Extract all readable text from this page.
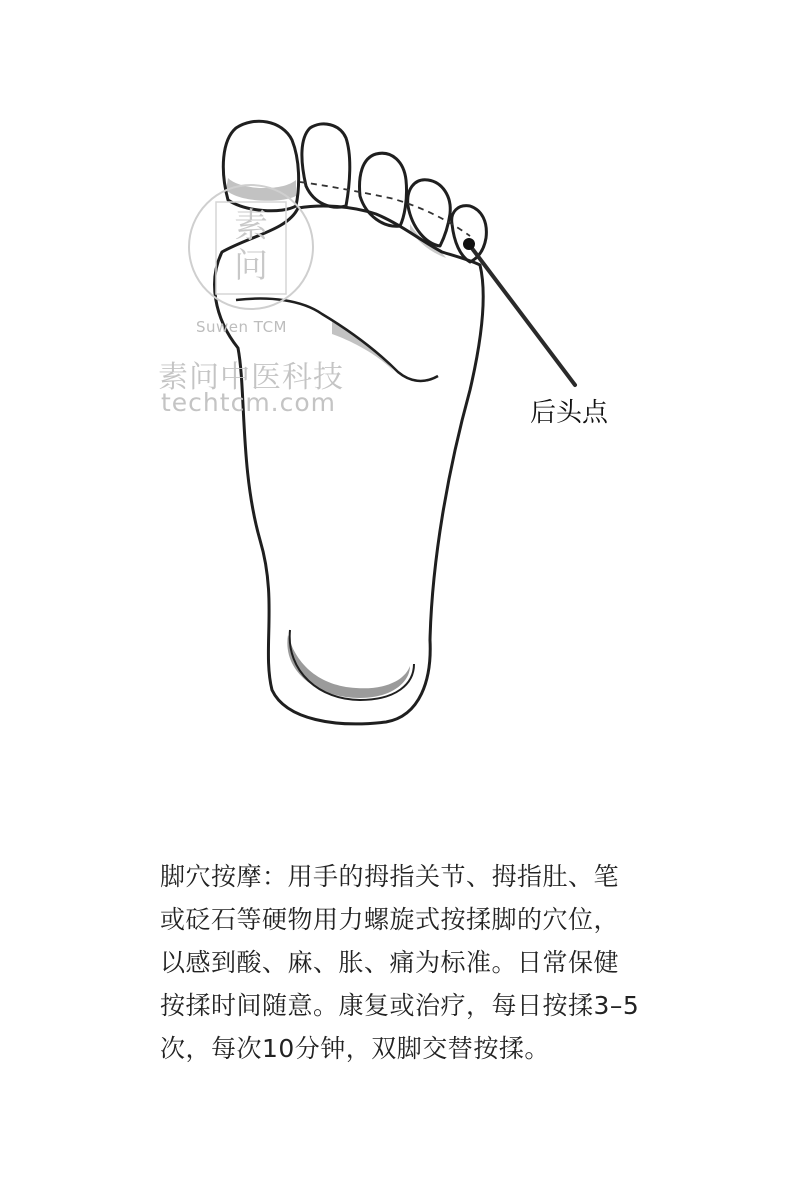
素问
Suwen TCM
素问中医科技
techtcm.com	后头点
脚穴按摩：用手的拇指关节、拇指肚、笔或砭石等硬物用力螺旋式按揉脚的穴位，以感到酸、麻、胀、痛为标准。日常保健按揉时间随意。康复或治疗，每日按揉3–5次，每次10分钟，双脚交替按揉。
